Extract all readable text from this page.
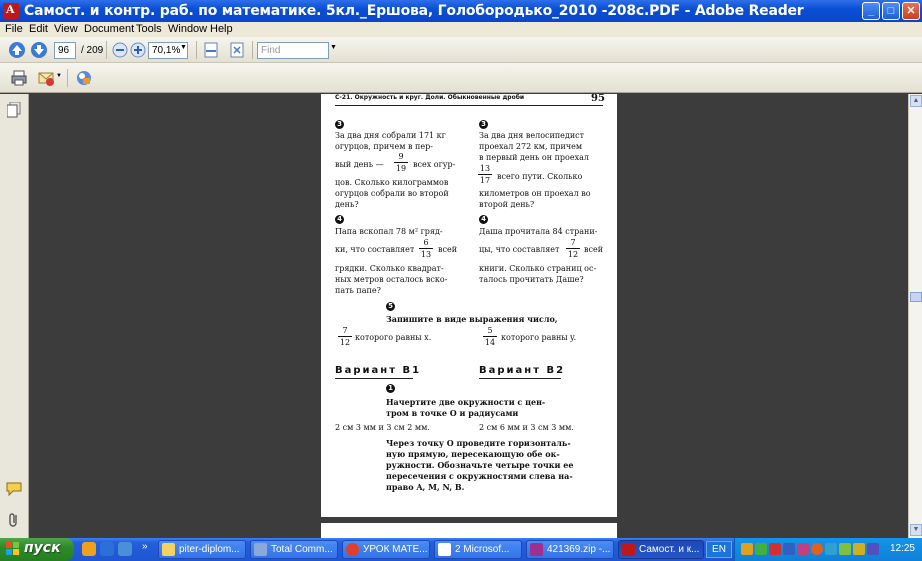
A Самост. и контр. раб. по математике. 5кл._Ершова, Голобородько_2010 -208с.PDF - Adobe Reader	_	□	✕
File Edit View Document Tools Window Help
96	/ 209	70,1% ▼	Find	▼
▼
С-21. Окружность и круг. Доли. Обыкновенные дроби	95
3
За два дня собрали 171 кг
огурцов, причем в пер-
вый день —
9
19 всех огур-
цов. Сколько килограммов
огурцов собрали во второй
день?
3
За два дня велосипедист
проехал 272 км, причем
в первый день он проехал
13
17 всего пути. Сколько
километров он проехал во
второй день?
4
Папа вскопал 78 м² гряд-
ки, что составляет
6
13
всей
грядки. Сколько квадрат-
ных метров осталось вско-
пать папе?
4
Даша прочитала 84 страни-
цы, что составляет
7
12
всей
книги. Сколько страниц ос-
талось прочитать Даше?
5
Запишите в виде выражения число,
7
12
которого равны x.
5
14
которого равны y.
Вариант В1	Вариант В2
1
Начертите две окружности с цен-
тром в точке O и радиусами
2 см 3 мм и 3 см 2 мм.	2 см 6 мм и 3 см 3 мм.
Через точку O проведите горизонталь-
ную прямую, пересекающую обе ок-
ружности. Обозначьте четыре точки ее
пересечения с окружностями слева на-
право A, M, N, B.
▲
▼
пуск	»	piter-diplom...	Total Comm...	УРОК МАТЕ...	2 Microsof...	421369.zip -...	Самост. и к...	EN	12:25
